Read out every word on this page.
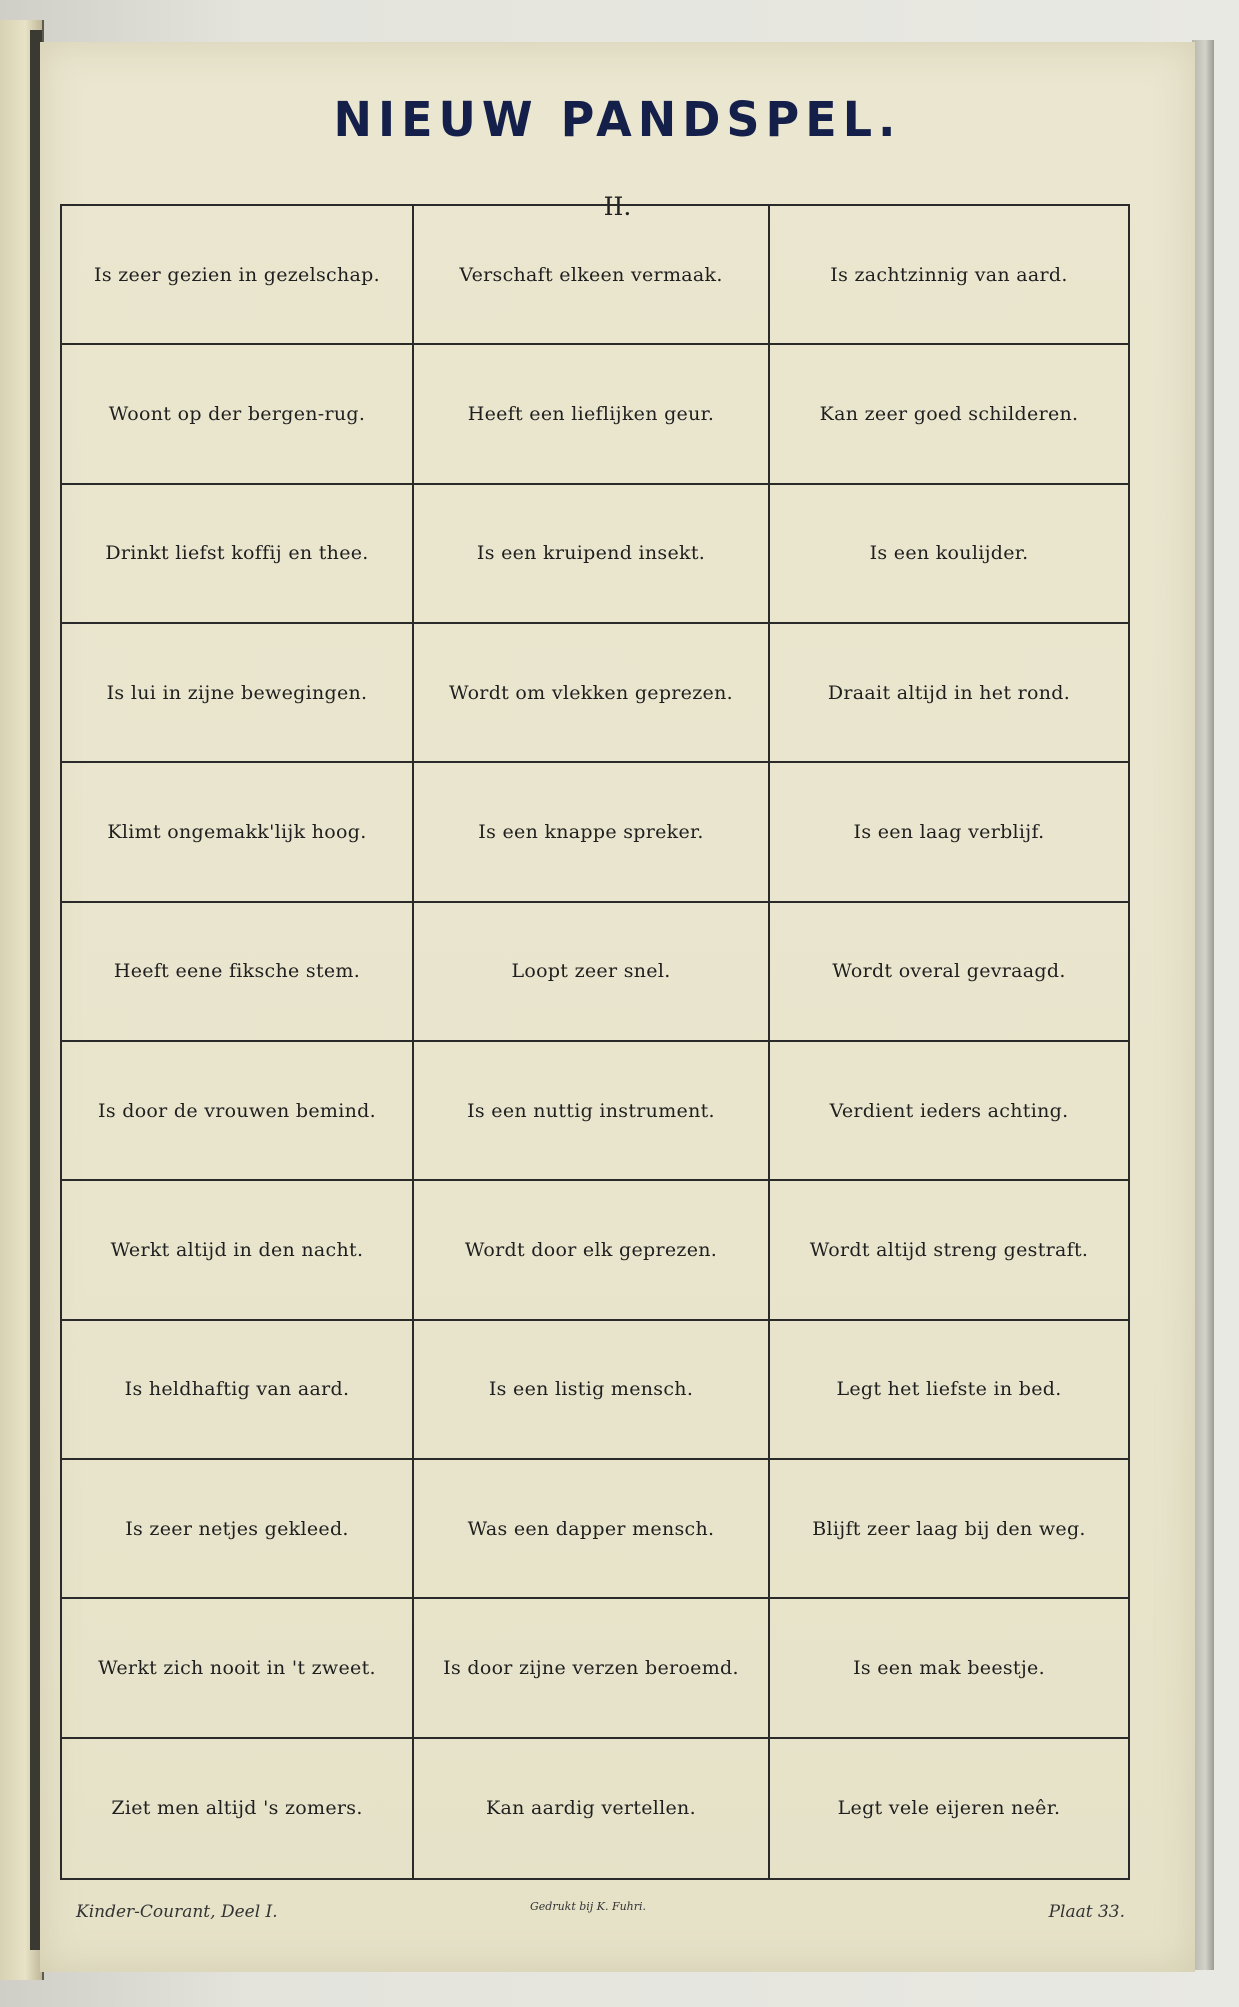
NIEUW PANDSPEL.
II.
Is zeer gezien in gezelschap.	Verschaft elkeen vermaak.	Is zachtzinnig van aard.
Woont op der bergen-rug.	Heeft een lieflijken geur.	Kan zeer goed schilderen.
Drinkt liefst koffij en thee.	Is een kruipend insekt.	Is een koulijder.
Is lui in zijne bewegingen.	Wordt om vlekken geprezen.	Draait altijd in het rond.
Klimt ongemakk'lijk hoog.	Is een knappe spreker.	Is een laag verblijf.
Heeft eene fiksche stem.	Loopt zeer snel.	Wordt overal gevraagd.
Is door de vrouwen bemind.	Is een nuttig instrument.	Verdient ieders achting.
Werkt altijd in den nacht.	Wordt door elk geprezen.	Wordt altijd streng gestraft.
Is heldhaftig van aard.	Is een listig mensch.	Legt het liefste in bed.
Is zeer netjes gekleed.	Was een dapper mensch.	Blijft zeer laag bij den weg.
Werkt zich nooit in 't zweet.	Is door zijne verzen beroemd.	Is een mak beestje.
Ziet men altijd 's zomers.	Kan aardig vertellen.	Legt vele eijeren neêr.
Kinder-Courant, Deel I.	Gedrukt bij K. Fuhri.	Plaat 33.
